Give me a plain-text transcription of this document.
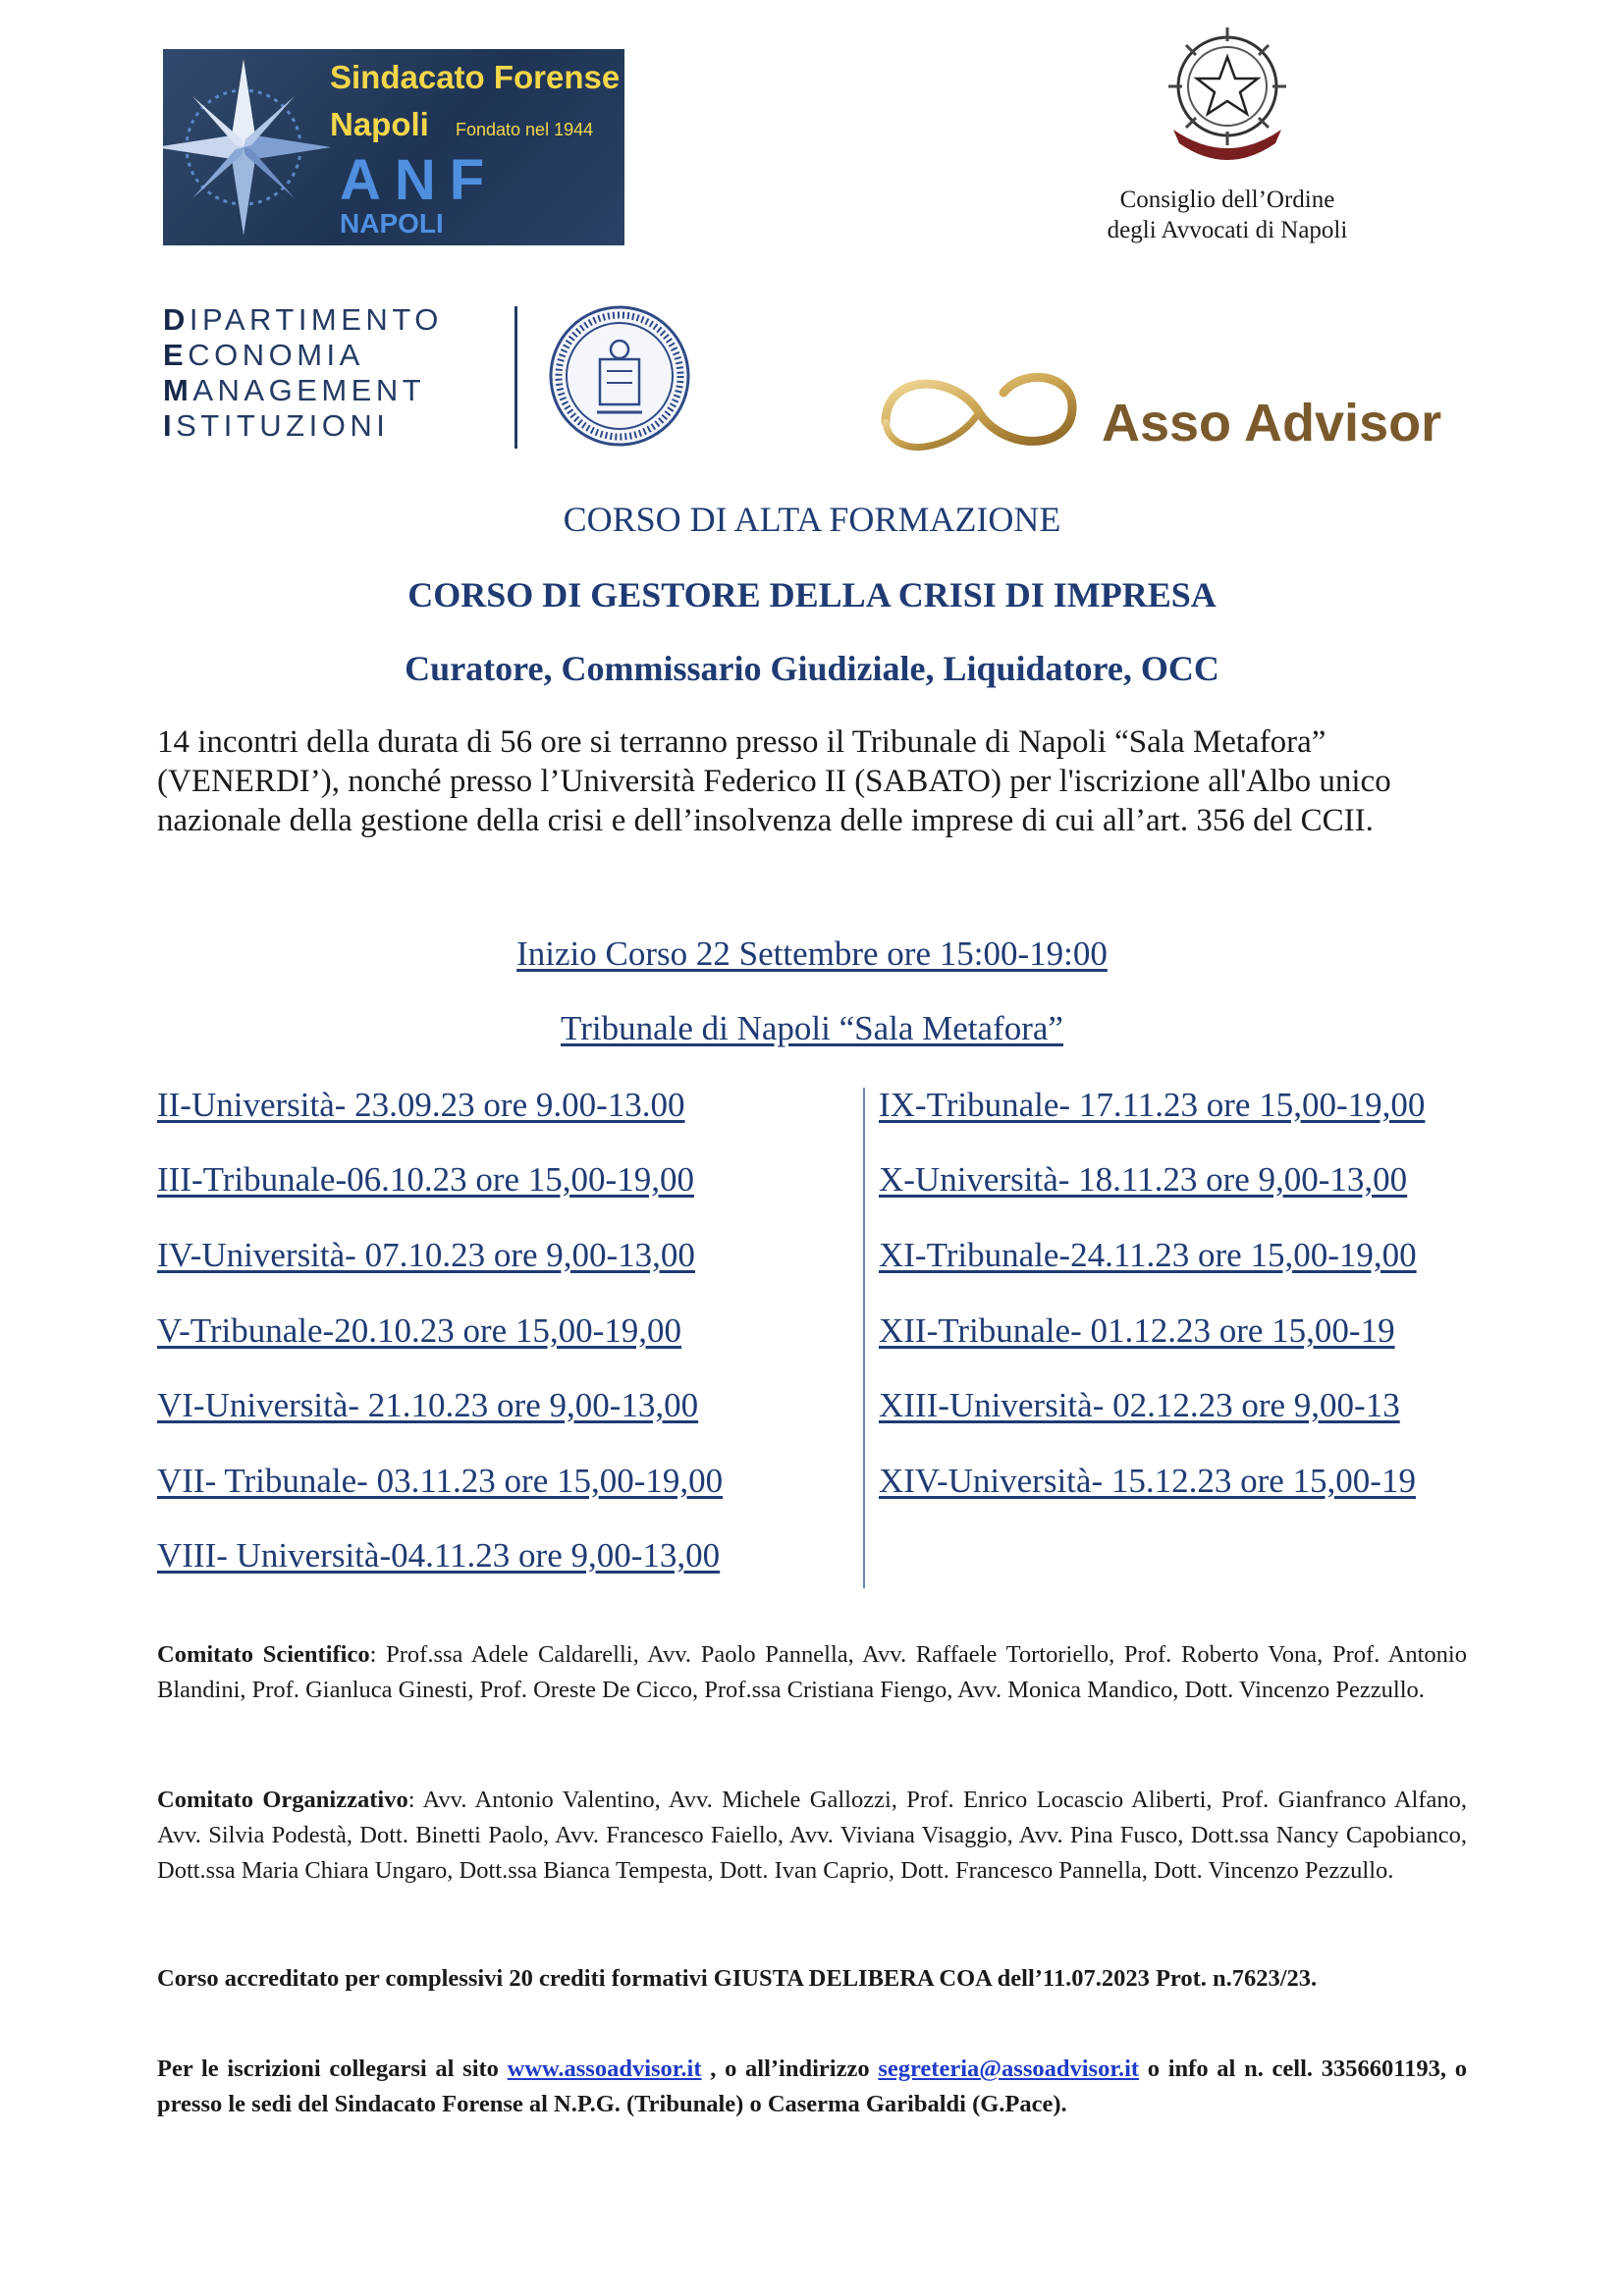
Sindacato Forense
Napoli Fondato nel 1944
ANF
NAPOLI
Consiglio dell’Ordine
degli Avvocati di Napoli
DIPARTIMENTO
ECONOMIA
MANAGEMENT
ISTITUZIONI	Asso Advisor
CORSO DI ALTA FORMAZIONE
CORSO DI GESTORE DELLA CRISI DI IMPRESA
Curatore, Commissario Giudiziale, Liquidatore, OCC
14 incontri della durata di 56 ore si terranno presso il Tribunale di Napoli “Sala Metafora” (VENERDI’), nonché presso l’Università Federico II (SABATO) per l'iscrizione all'Albo unico nazionale della gestione della crisi e dell’insolvenza delle imprese di cui all’art. 356 del CCII.
Inizio Corso 22 Settembre ore 15:00-19:00
Tribunale di Napoli “Sala Metafora”
II-Università- 23.09.23 ore 9.00-13.00
III-Tribunale-06.10.23 ore 15,00-19,00
IV-Università- 07.10.23 ore 9,00-13,00
V-Tribunale-20.10.23 ore 15,00-19,00
VI-Università- 21.10.23 ore 9,00-13,00
VII- Tribunale- 03.11.23 ore 15,00-19,00
VIII- Università-04.11.23 ore 9,00-13,00
IX-Tribunale- 17.11.23 ore 15,00-19,00
X-Università- 18.11.23 ore 9,00-13,00
XI-Tribunale-24.11.23 ore 15,00-19,00
XII-Tribunale- 01.12.23 ore 15,00-19
XIII-Università- 02.12.23 ore 9,00-13
XIV-Università- 15.12.23 ore 15,00-19
Comitato Scientifico: Prof.ssa Adele Caldarelli, Avv. Paolo Pannella, Avv. Raffaele Tortoriello, Prof. Roberto Vona, Prof. Antonio Blandini, Prof. Gianluca Ginesti, Prof. Oreste De Cicco, Prof.ssa Cristiana Fiengo, Avv. Monica Mandico, Dott. Vincenzo Pezzullo.
Comitato Organizzativo: Avv. Antonio Valentino, Avv. Michele Gallozzi, Prof. Enrico Locascio Aliberti, Prof. Gianfranco Alfano, Avv. Silvia Podestà, Dott. Binetti Paolo, Avv. Francesco Faiello, Avv. Viviana Visaggio, Avv. Pina Fusco, Dott.ssa Nancy Capobianco, Dott.ssa Maria Chiara Ungaro, Dott.ssa Bianca Tempesta, Dott. Ivan Caprio, Dott. Francesco Pannella, Dott. Vincenzo Pezzullo.
Corso accreditato per complessivi 20 crediti formativi GIUSTA DELIBERA COA dell’11.07.2023 Prot. n.7623/23.
Per le iscrizioni collegarsi al sito www.assoadvisor.it , o all’indirizzo segreteria@assoadvisor.it o info al n. cell. 3356601193, o presso le sedi del Sindacato Forense al N.P.G. (Tribunale) o Caserma Garibaldi (G.Pace).
